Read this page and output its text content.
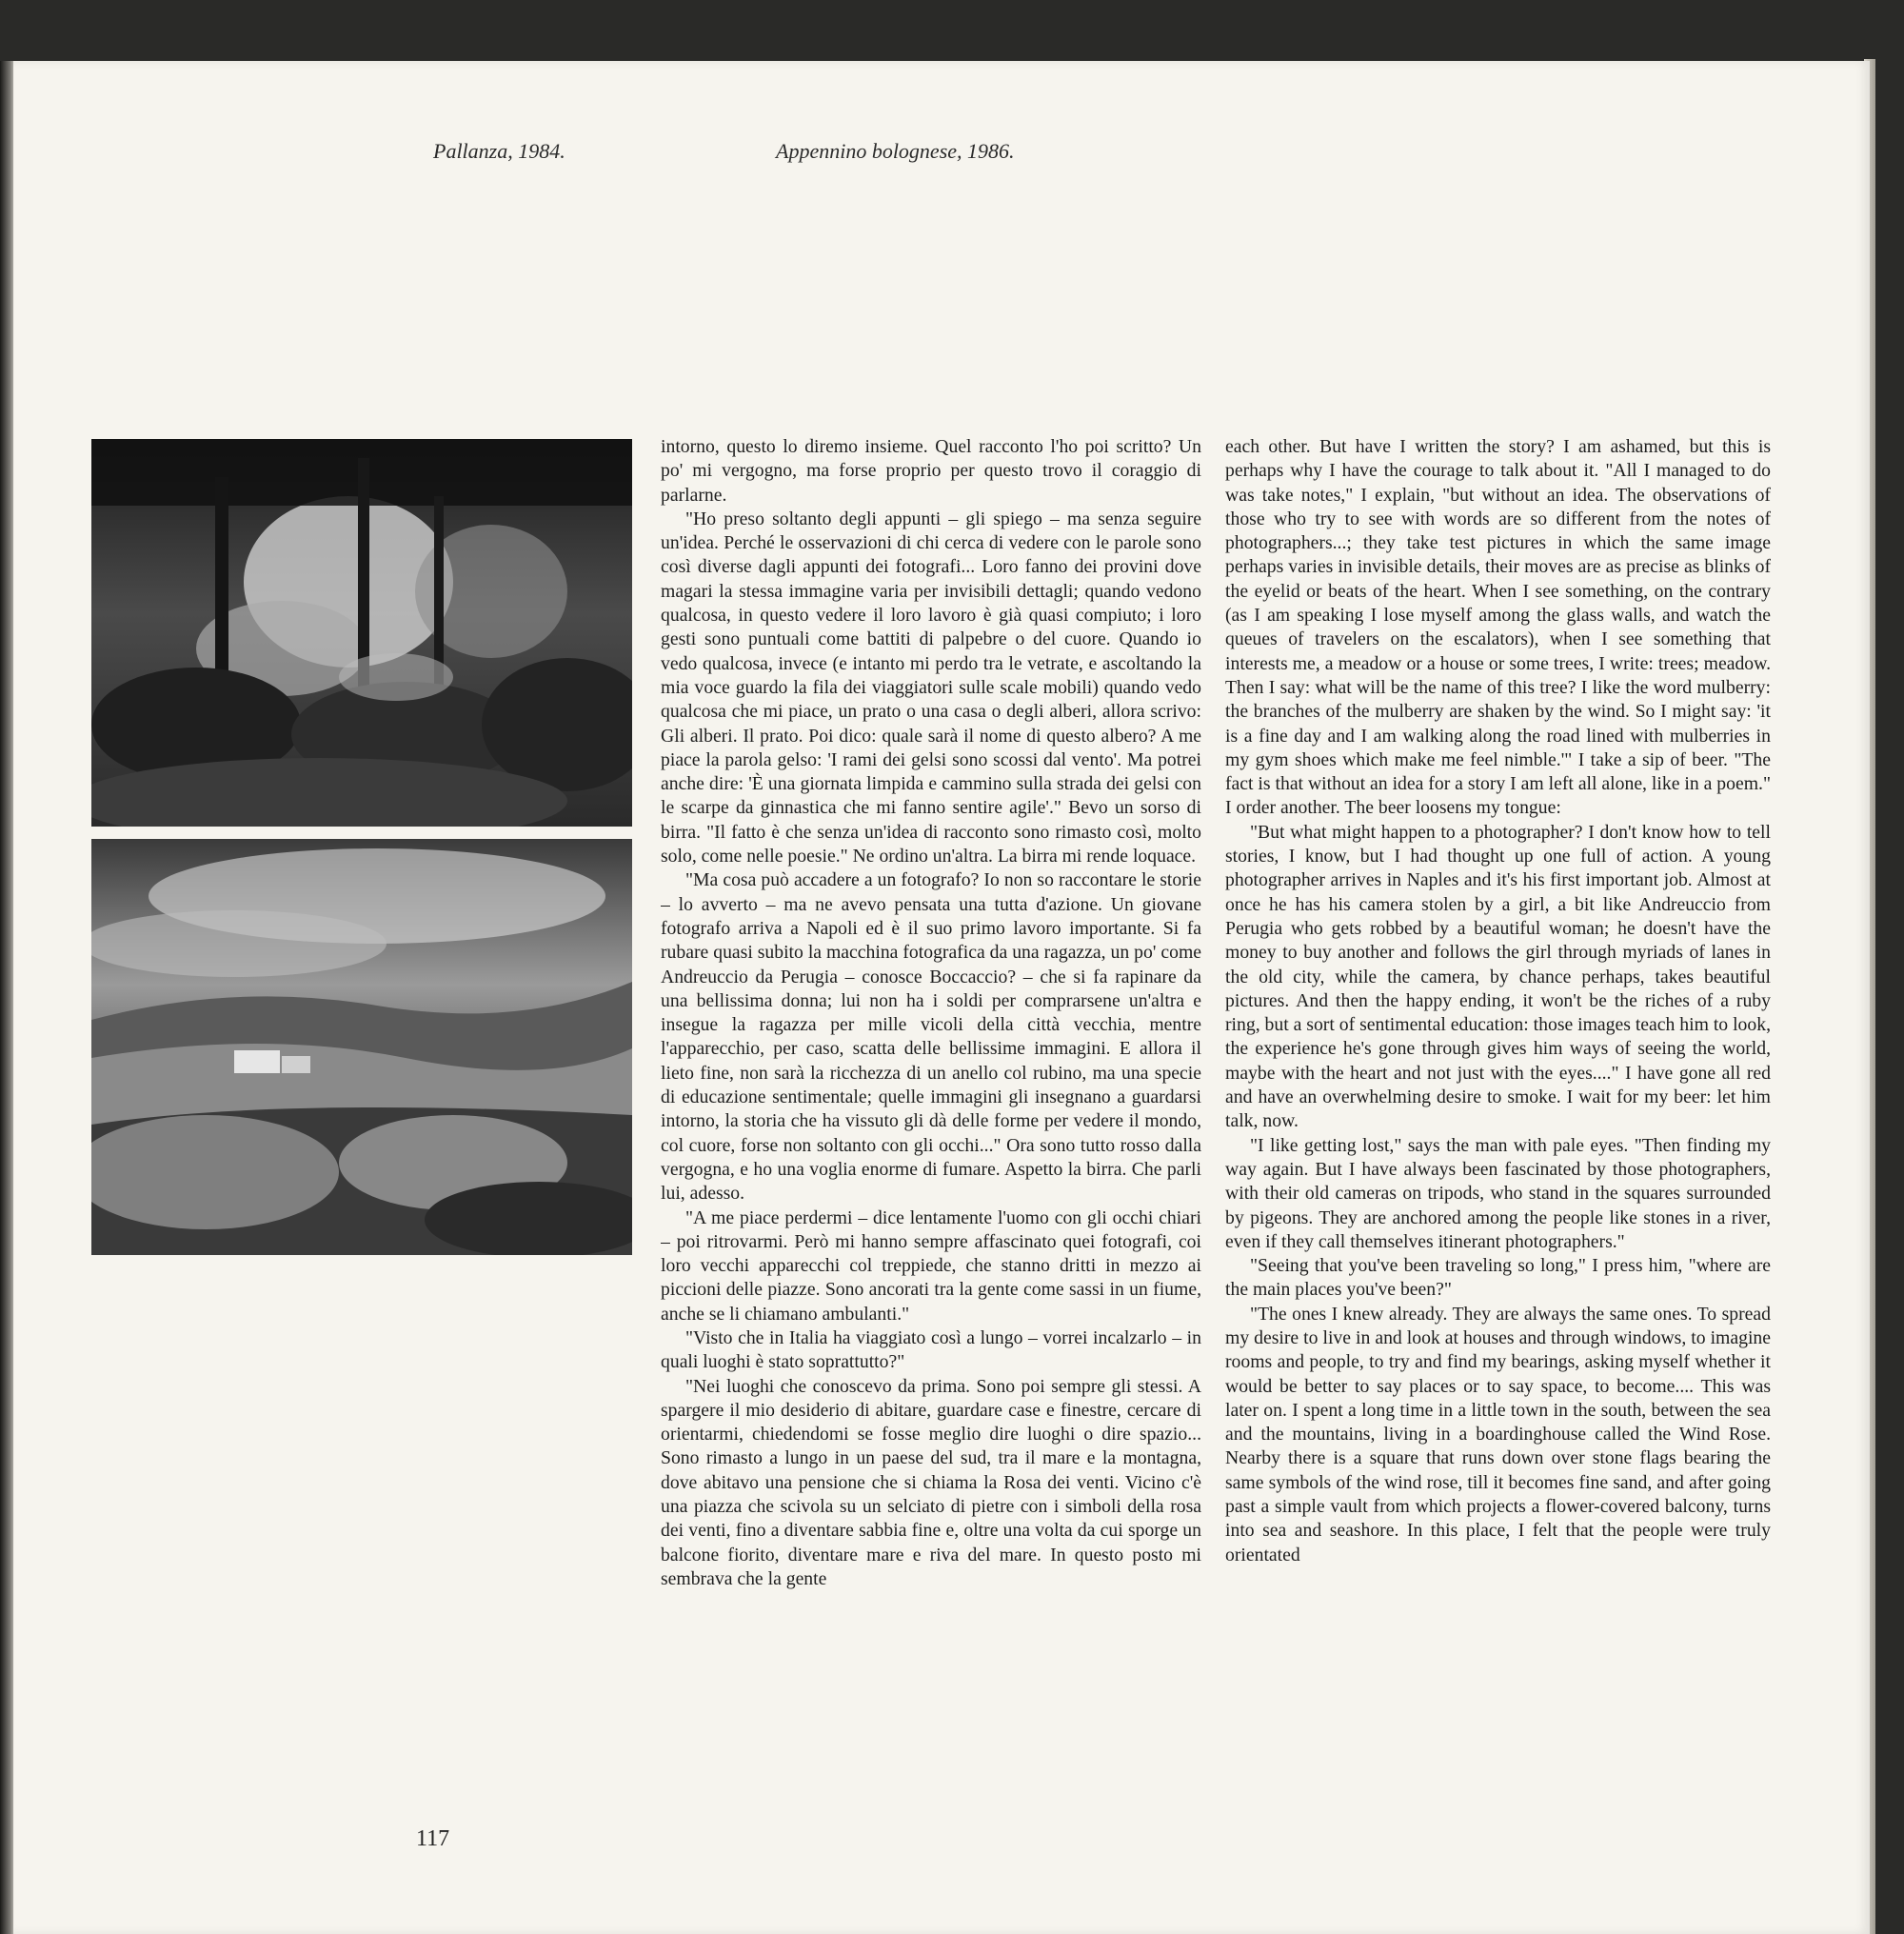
Pallanza, 1984.	Appennino bolognese, 1986.

intorno, questo lo diremo insieme. Quel racconto l'ho poi scritto? Un po' mi vergogno, ma forse proprio per questo trovo il coraggio di parlarne.

"Ho preso soltanto degli appunti – gli spiego – ma senza seguire un'idea. Perché le osservazioni di chi cerca di vedere con le parole sono così diverse dagli appunti dei fotografi... Loro fanno dei provini dove magari la stessa immagine varia per invisibili dettagli; quando vedono qualcosa, in questo vedere il loro lavoro è già quasi compiuto; i loro gesti sono puntuali come battiti di palpebre o del cuore. Quando io vedo qualcosa, invece (e intanto mi perdo tra le vetrate, e ascoltando la mia voce guardo la fila dei viaggiatori sulle scale mobili) quando vedo qualcosa che mi piace, un prato o una casa o degli alberi, allora scrivo: Gli alberi. Il prato. Poi dico: quale sarà il nome di questo albero? A me piace la parola gelso: 'I rami dei gelsi sono scossi dal vento'. Ma potrei anche dire: 'È una giornata limpida e cammino sulla strada dei gelsi con le scarpe da ginnastica che mi fanno sentire agile'." Bevo un sorso di birra. "Il fatto è che senza un'idea di racconto sono rimasto così, molto solo, come nelle poesie." Ne ordino un'altra. La birra mi rende loquace.

"Ma cosa può accadere a un fotografo? Io non so raccontare le storie – lo avverto – ma ne avevo pensata una tutta d'azione. Un giovane fotografo arriva a Napoli ed è il suo primo lavoro importante. Si fa rubare quasi subito la macchina fotografica da una ragazza, un po' come Andreuccio da Perugia – conosce Boccaccio? – che si fa rapinare da una bellissima donna; lui non ha i soldi per comprarsene un'altra e insegue la ragazza per mille vicoli della città vecchia, mentre l'apparecchio, per caso, scatta delle bellissime immagini. E allora il lieto fine, non sarà la ricchezza di un anello col rubino, ma una specie di educazione sentimentale; quelle immagini gli insegnano a guardarsi intorno, la storia che ha vissuto gli dà delle forme per vedere il mondo, col cuore, forse non soltanto con gli occhi..." Ora sono tutto rosso dalla vergogna, e ho una voglia enorme di fumare. Aspetto la birra. Che parli lui, adesso.

"A me piace perdermi – dice lentamente l'uomo con gli occhi chiari – poi ritrovarmi. Però mi hanno sempre affascinato quei fotografi, coi loro vecchi apparecchi col treppiede, che stanno dritti in mezzo ai piccioni delle piazze. Sono ancorati tra la gente come sassi in un fiume, anche se li chiamano ambulanti."

"Visto che in Italia ha viaggiato così a lungo – vorrei incalzarlo – in quali luoghi è stato soprattutto?"

"Nei luoghi che conoscevo da prima. Sono poi sempre gli stessi. A spargere il mio desiderio di abitare, guardare case e finestre, cercare di orientarmi, chiedendomi se fosse meglio dire luoghi o dire spazio... Sono rimasto a lungo in un paese del sud, tra il mare e la montagna, dove abitavo una pensione che si chiama la Rosa dei venti. Vicino c'è una piazza che scivola su un selciato di pietre con i simboli della rosa dei venti, fino a diventare sabbia fine e, oltre una volta da cui sporge un balcone fiorito, diventare mare e riva del mare. In questo posto mi sembrava che la gente

each other. But have I written the story? I am ashamed, but this is perhaps why I have the courage to talk about it. "All I managed to do was take notes," I explain, "but without an idea. The observations of those who try to see with words are so different from the notes of photographers...; they take test pictures in which the same image perhaps varies in invisible details, their moves are as precise as blinks of the eyelid or beats of the heart. When I see something, on the contrary (as I am speaking I lose myself among the glass walls, and watch the queues of travelers on the escalators), when I see something that interests me, a meadow or a house or some trees, I write: trees; meadow. Then I say: what will be the name of this tree? I like the word mulberry: the branches of the mulberry are shaken by the wind. So I might say: 'it is a fine day and I am walking along the road lined with mulberries in my gym shoes which make me feel nimble.'" I take a sip of beer. "The fact is that without an idea for a story I am left all alone, like in a poem." I order another. The beer loosens my tongue:

"But what might happen to a photographer? I don't know how to tell stories, I know, but I had thought up one full of action. A young photographer arrives in Naples and it's his first important job. Almost at once he has his camera stolen by a girl, a bit like Andreuccio from Perugia who gets robbed by a beautiful woman; he doesn't have the money to buy another and follows the girl through myriads of lanes in the old city, while the camera, by chance perhaps, takes beautiful pictures. And then the happy ending, it won't be the riches of a ruby ring, but a sort of sentimental education: those images teach him to look, the experience he's gone through gives him ways of seeing the world, maybe with the heart and not just with the eyes...." I have gone all red and have an overwhelming desire to smoke. I wait for my beer: let him talk, now.

"I like getting lost," says the man with pale eyes. "Then finding my way again. But I have always been fascinated by those photographers, with their old cameras on tripods, who stand in the squares surrounded by pigeons. They are anchored among the people like stones in a river, even if they call themselves itinerant photographers."

"Seeing that you've been traveling so long," I press him, "where are the main places you've been?"

"The ones I knew already. They are always the same ones. To spread my desire to live in and look at houses and through windows, to imagine rooms and people, to try and find my bearings, asking myself whether it would be better to say places or to say space, to become.... This was later on. I spent a long time in a little town in the south, between the sea and the mountains, living in a boardinghouse called the Wind Rose. Nearby there is a square that runs down over stone flags bearing the same symbols of the wind rose, till it becomes fine sand, and after going past a simple vault from which projects a flower-covered balcony, turns into sea and seashore. In this place, I felt that the people were truly orientated

117
